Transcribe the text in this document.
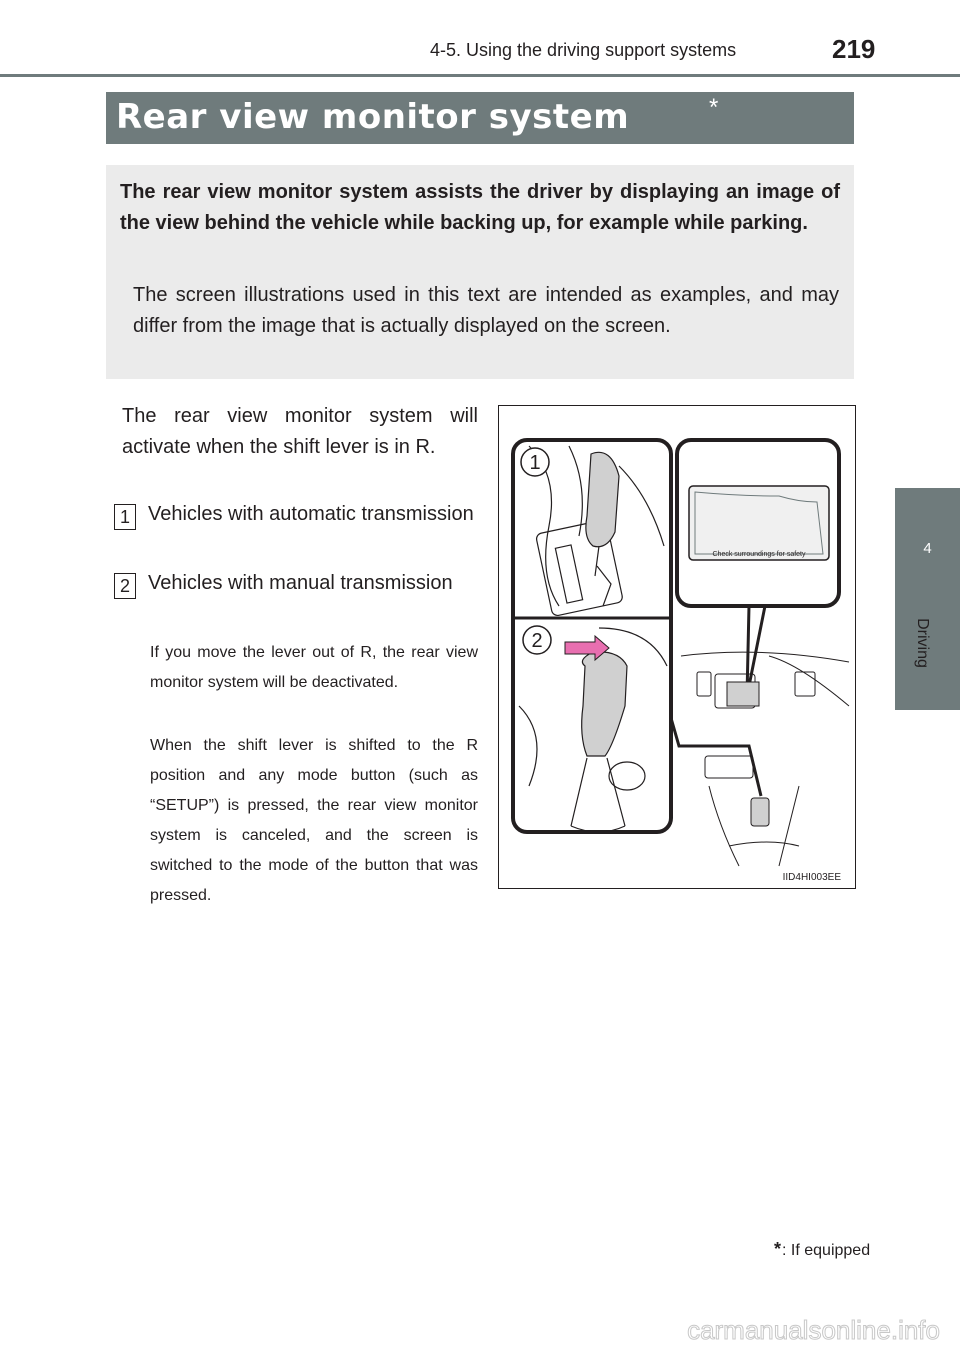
4-5. Using the driving support systems	219
4
Driving
Rear view monitor system	*
The rear view monitor system assists the driver by displaying an image of the view behind the vehicle while backing up, for example while parking.
The screen illustrations used in this text are intended as examples, and may differ from the image that is actually displayed on the screen.
The rear view monitor system will activate when the shift lever is in R.
1 Vehicles with automatic transmission
2 Vehicles with manual transmission
If you move the lever out of R, the rear view monitor system will be deactivated.
When the shift lever is shifted to the R position and any mode button (such as “SETUP”) is pressed, the rear view monitor system is canceled, and the screen is switched to the mode of the button that was pressed.
1
2
Check surroundings for safety
IID4HI003EE
*: If equipped
carmanualsonline.info
